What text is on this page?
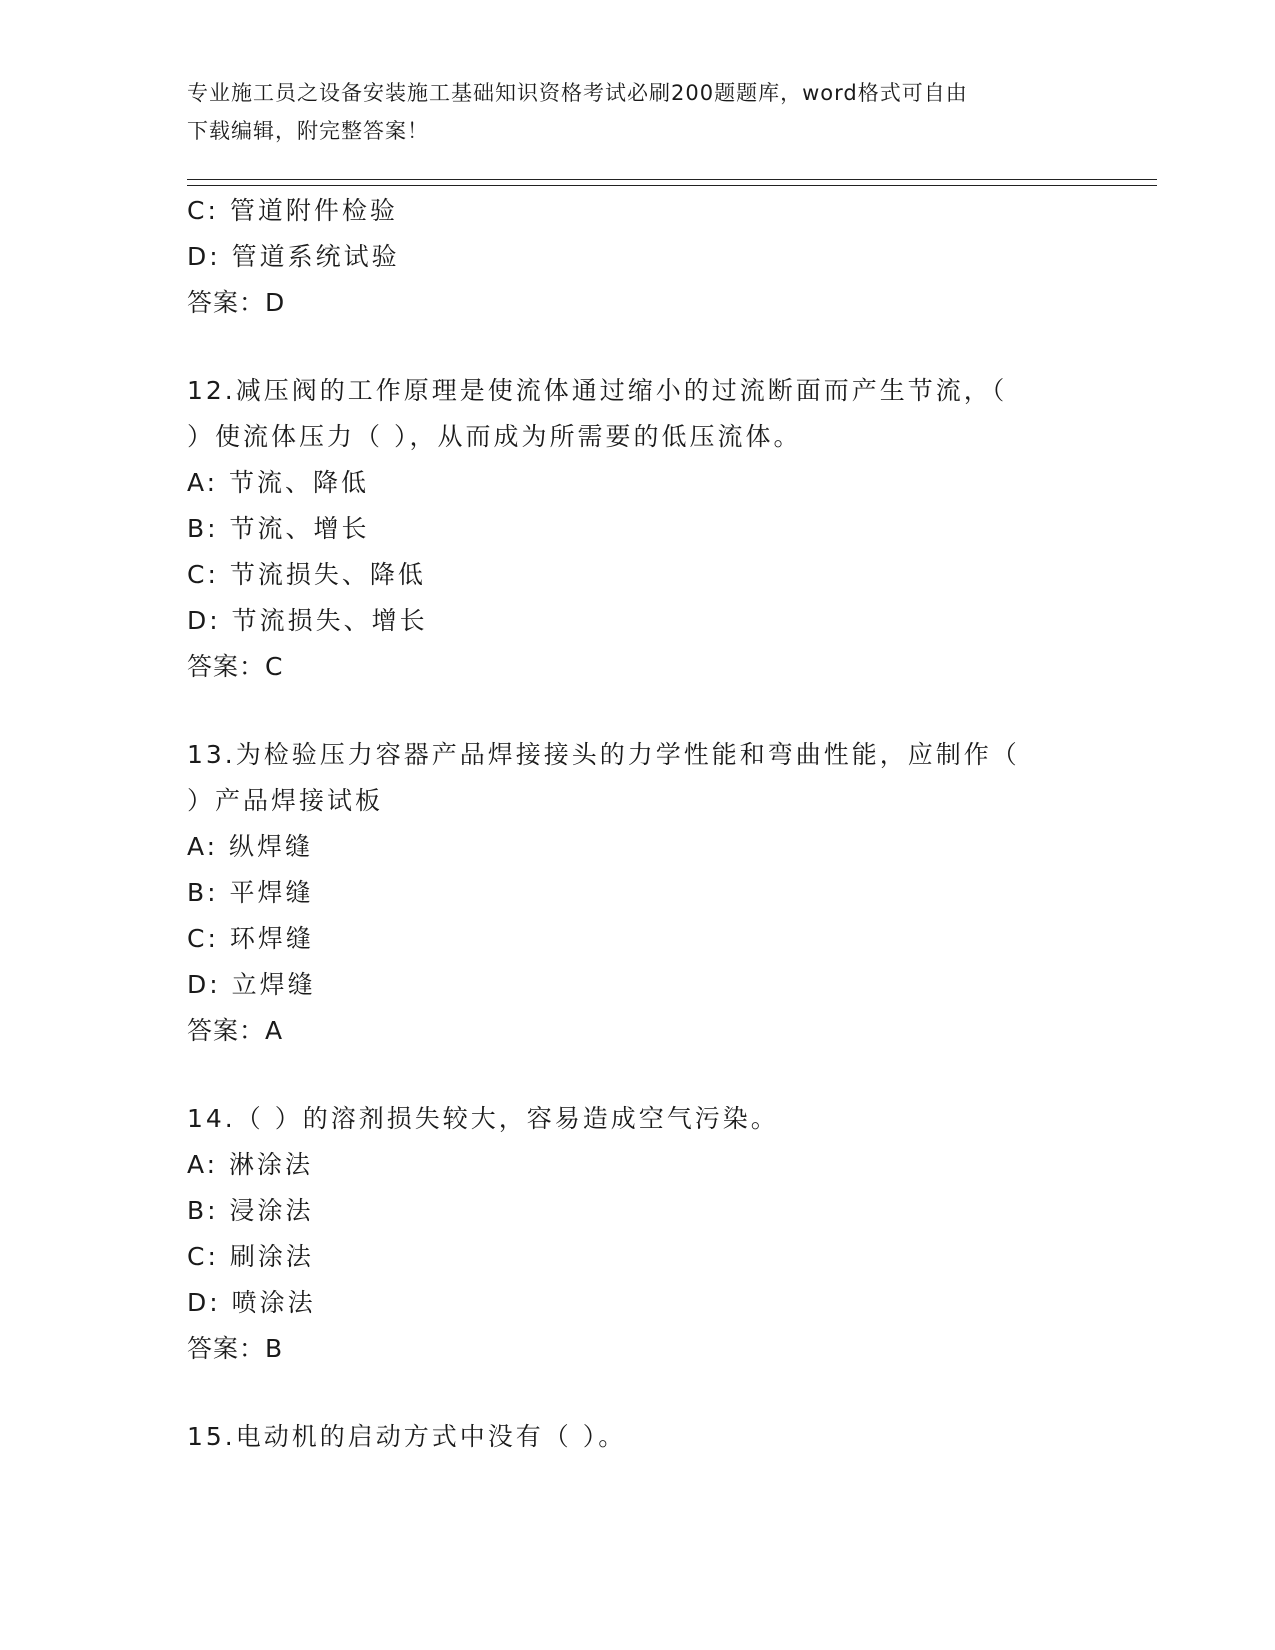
专业施工员之设备安装施工基础知识资格考试必刷200题题库，word格式可自由
下载编辑，附完整答案！
C: 管道附件检验
D: 管道系统试验
答案：D
12.减压阀的工作原理是使流体通过缩小的过流断面而产生节流，（
）使流体压力（ ），从而成为所需要的低压流体。
A: 节流、降低
B: 节流、增长
C: 节流损失、降低
D: 节流损失、增长
答案：C
13.为检验压力容器产品焊接接头的力学性能和弯曲性能，应制作（
）产品焊接试板
A: 纵焊缝
B: 平焊缝
C: 环焊缝
D: 立焊缝
答案：A
14.（ ）的溶剂损失较大，容易造成空气污染。
A: 淋涂法
B: 浸涂法
C: 刷涂法
D: 喷涂法
答案：B
15.电动机的启动方式中没有（ ）。
